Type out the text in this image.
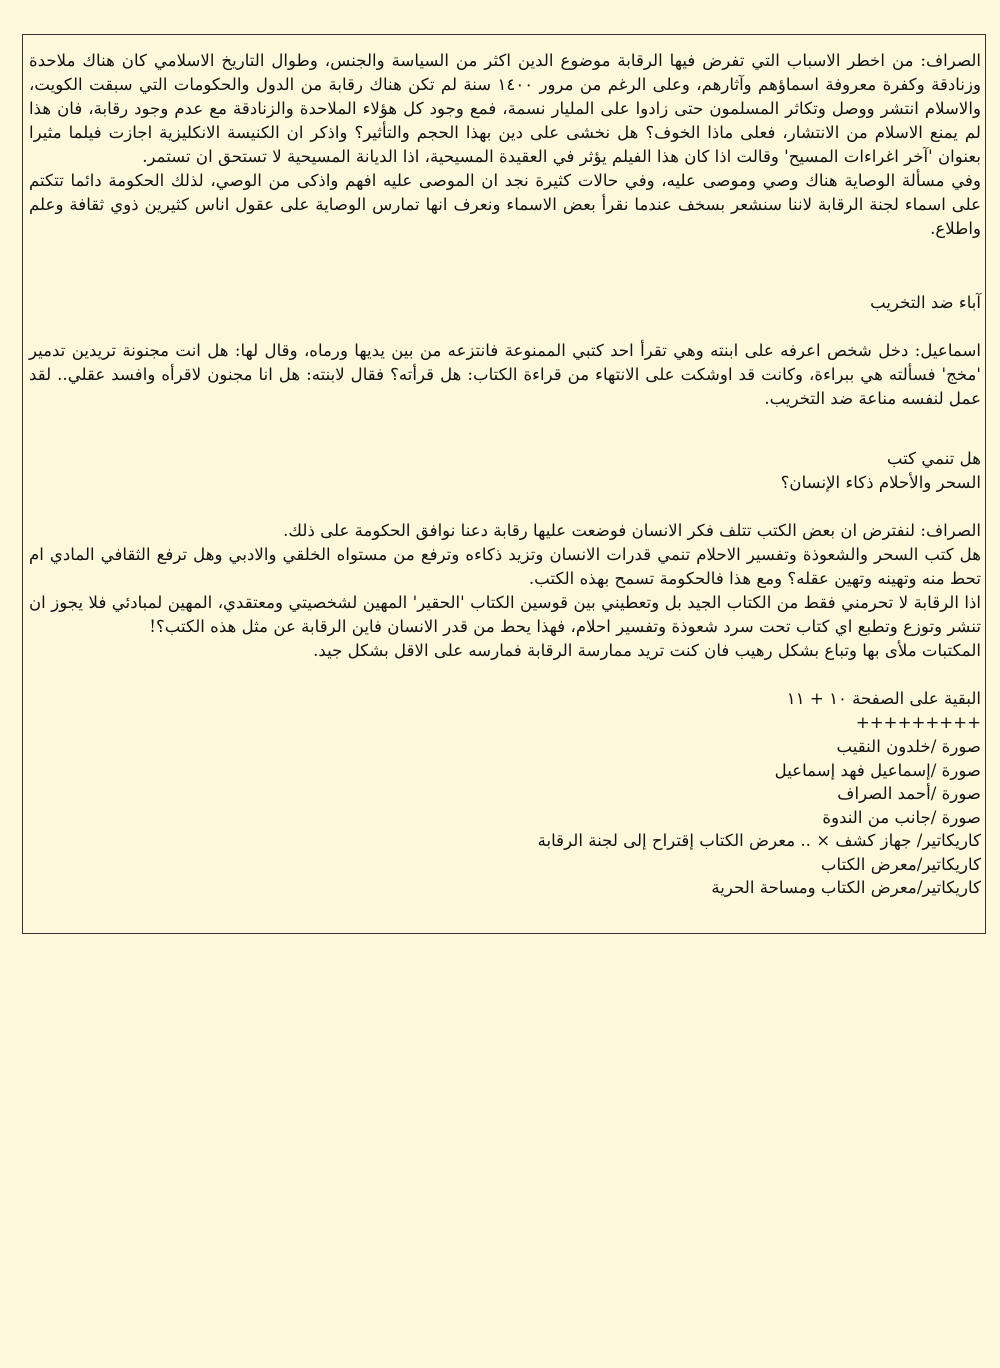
الصراف: من اخطر الاسباب التي تفرض فيها الرقابة موضوع الدين اكثر من السياسة والجنس، وطوال التاريخ الاسلامي كان هناك ملاحدة وزنادقة وكفرة معروفة اسماؤهم وآثارهم، وعلى الرغم من مرور ١٤٠٠ سنة لم تكن هناك رقابة من الدول والحكومات التي سبقت الكويت، والاسلام انتشر ووصل وتكاثر المسلمون حتى زادوا على المليار نسمة، فمع وجود كل هؤلاء الملاحدة والزنادقة مع عدم وجود رقابة، فان هذا لم يمنع الاسلام من الانتشار، فعلى ماذا الخوف؟ هل نخشى على دين بهذا الحجم والتأثير؟ واذكر ان الكنيسة الانكليزية اجازت فيلما مثيرا بعنوان 'آخر اغراءات المسيح' وقالت اذا كان هذا الفيلم يؤثر في العقيدة المسيحية، اذا الديانة المسيحية لا تستحق ان تستمر.

وفي مسألة الوصاية هناك وصي وموصى عليه، وفي حالات كثيرة نجد ان الموصى عليه افهم واذكى من الوصي، لذلك الحكومة دائما تتكتم على اسماء لجنة الرقابة لاننا سنشعر بسخف عندما نقرأ بعض الاسماء ونعرف انها تمارس الوصاية على عقول اناس كثيرين ذوي ثقافة وعلم واطلاع.

آباء ضد التخريب

اسماعيل: دخل شخص اعرفه على ابنته وهي تقرأ احد كتبي الممنوعة فانتزعه من بين يديها ورماه، وقال لها: هل انت مجنونة تريدين تدمير 'مخج' فسألته هي ببراءة، وكانت قد اوشكت على الانتهاء من قراءة الكتاب: هل قرأته؟ فقال لابنته: هل انا مجنون لاقرأه وافسد عقلي.. لقد عمل لنفسه مناعة ضد التخريب.

هل تنمي كتب

السحر والأحلام ذكاء الإنسان؟

الصراف: لنفترض ان بعض الكتب تتلف فكر الانسان فوضعت عليها رقابة دعنا نوافق الحكومة على ذلك.

هل كتب السحر والشعوذة وتفسير الاحلام تنمي قدرات الانسان وتزيد ذكاءه وترفع من مستواه الخلقي والادبي وهل ترفع الثقافي المادي ام تحط منه وتهينه وتهين عقله؟ ومع هذا فالحكومة تسمح بهذه الكتب.

اذا الرقابة لا تحرمني فقط من الكتاب الجيد بل وتعطيني بين قوسين الكتاب 'الحقير' المهين لشخصيتي ومعتقدي، المهين لمبادئي فلا يجوز ان تنشر وتوزع وتطبع اي كتاب تحت سرد شعوذة وتفسير احلام، فهذا يحط من قدر الانسان فاين الرقابة عن مثل هذه الكتب؟!

المكتبات ملأى بها وتباع بشكل رهيب فان كنت تريد ممارسة الرقابة فمارسه على الاقل بشكل جيد.

البقية على الصفحة ١٠ + ١١

+++++++++

صورة /خلدون النقيب

صورة /إسماعيل فهد إسماعيل

صورة /أحمد الصراف

صورة /جانب من الندوة

كاريكاتير/ جهاز كشف × .. معرض الكتاب إقتراح إلى لجنة الرقابة

كاريكاتير/معرض الكتاب

كاريكاتير/معرض الكتاب ومساحة الحرية
